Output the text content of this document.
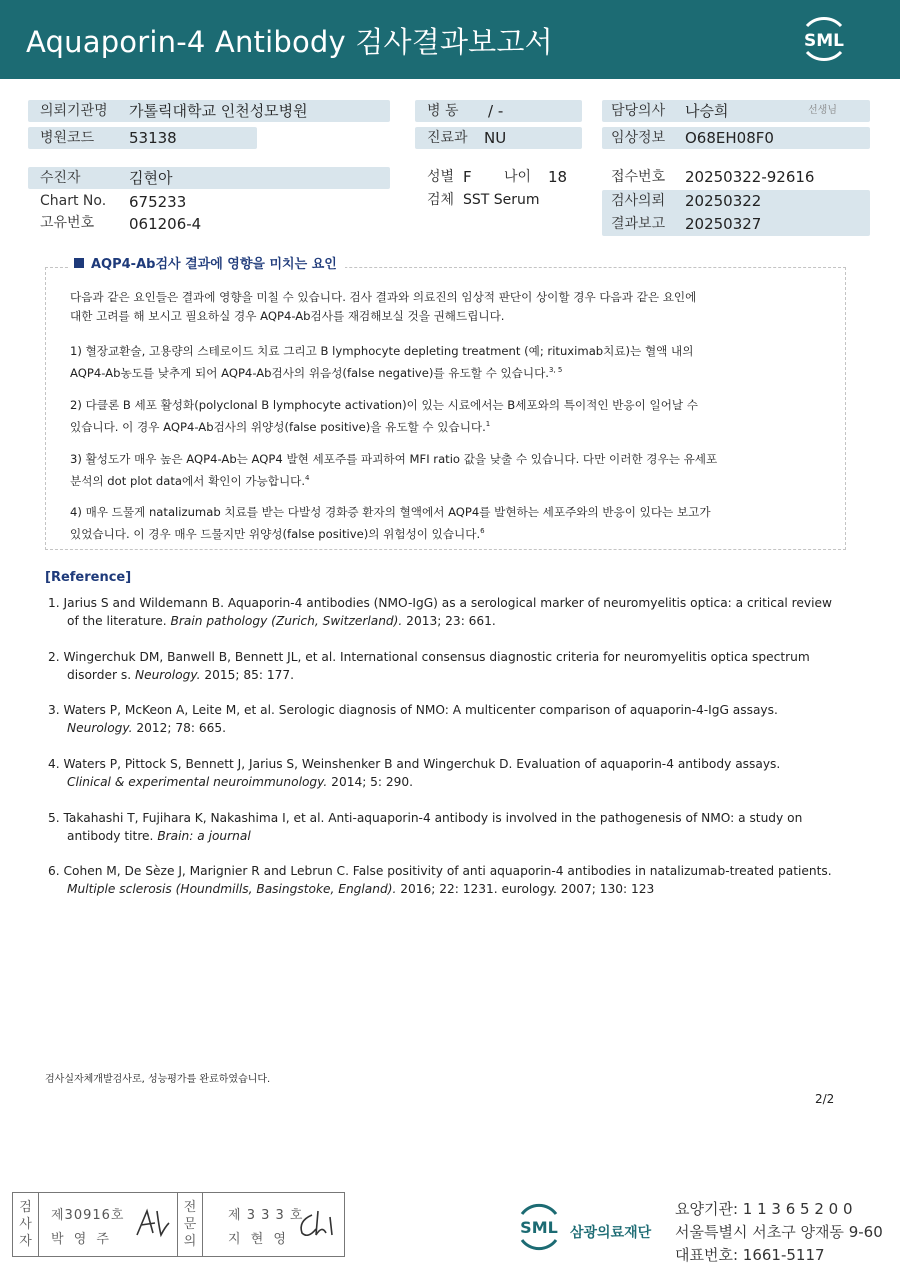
Aquaporin-4 Antibody 검사결과보고서	SML
의뢰기관명 가톨릭대학교 인천성모병원
병원코드 53138
병 동 / -
진료과 NU
담당의사 나승희	선생님
임상정보 O68EH08F0
수진자	김현아
Chart No. 675233
고유번호 061206-4
성별 F 나이 18
검체 SST Serum
접수번호 20250322-92616
검사의뢰 20250322
결과보고 20250327
AQP4-Ab검사 결과에 영향을 미치는 요인
다음과 같은 요인들은 결과에 영향을 미칠 수 있습니다. 검사 결과와 의료진의 임상적 판단이 상이할 경우 다음과 같은 요인에
대한 고려를 해 보시고 필요하실 경우 AQP4-Ab검사를 재검해보실 것을 권해드립니다.
1) 혈장교환술, 고용량의 스테로이드 치료 그리고 B lymphocyte depleting treatment (예; rituximab치료)는 혈액 내의
AQP4-Ab농도를 낮추게 되어 AQP4-Ab검사의 위음성(false negative)를 유도할 수 있습니다.$^{3, 5}$
2) 다클론 B 세포 활성화(polyclonal B lymphocyte activation)이 있는 시료에서는 B세포와의 특이적인 반응이 일어날 수
있습니다. 이 경우 AQP4-Ab검사의 위양성(false positive)을 유도할 수 있습니다.$^1$
3) 활성도가 매우 높은 AQP4-Ab는 AQP4 발현 세포주를 파괴하여 MFI ratio 값을 낮출 수 있습니다. 다만 이러한 경우는 유세포
분석의 dot plot data에서 확인이 가능합니다.$^4$
4) 매우 드물게 natalizumab 치료를 받는 다발성 경화증 환자의 혈액에서 AQP4를 발현하는 세포주와의 반응이 있다는 보고가
있었습니다. 이 경우 매우 드물지만 위양성(false positive)의 위험성이 있습니다.$^6$
[Reference]
1. Jarius S and Wildemann B. Aquaporin-4 antibodies (NMO-IgG) as a serological marker of neuromyelitis optica: a critical review
of the literature. Brain pathology (Zurich, Switzerland). 2013; 23: 661.
2. Wingerchuk DM, Banwell B, Bennett JL, et al. International consensus diagnostic criteria for neuromyelitis optica spectrum
disorder s. Neurology. 2015; 85: 177.
3. Waters P, McKeon A, Leite M, et al. Serologic diagnosis of NMO: A multicenter comparison of aquaporin-4-IgG assays.
Neurology. 2012; 78: 665.
4. Waters P, Pittock S, Bennett J, Jarius S, Weinshenker B and Wingerchuk D. Evaluation of aquaporin-4 antibody assays.
Clinical & experimental neuroimmunology. 2014; 5: 290.
5. Takahashi T, Fujihara K, Nakashima I, et al. Anti-aquaporin-4 antibody is involved in the pathogenesis of NMO: a study on
antibody titre. Brain: a journal
6. Cohen M, De Sèze J, Marignier R and Lebrun C. False positivity of anti aquaporin-4 antibodies in natalizumab-treated patients.
Multiple sclerosis (Houndmills, Basingstoke, England). 2016; 22: 1231. eurology. 2007; 130: 123
검사실자체개발검사로, 성능평가를 완료하였습니다.
2/2
검
사
자
제30916호
박 영 주
전
문
의
제 3 3 3 호
지 현 영
SML 삼광의료재단
요양기관: 1 1 3 6 5 2 0 0
서울특별시 서초구 양재동 9-60
대표번호: 1661-5117
